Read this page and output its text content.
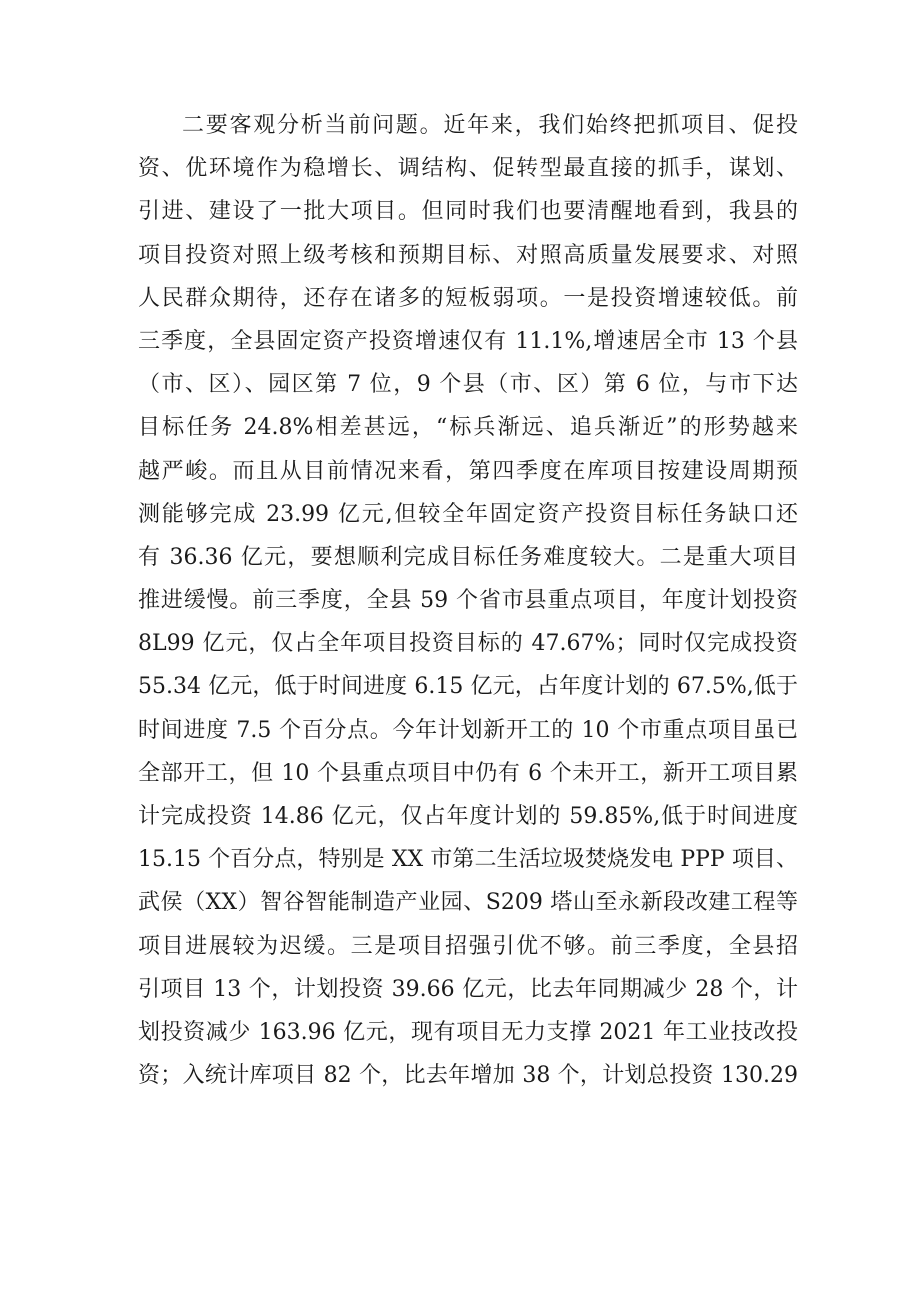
二要客观分析当前问题。近年来，我们始终把抓项目、促投
资、优环境作为稳增长、调结构、促转型最直接的抓手，谋划、
引进、建设了一批大项目。但同时我们也要清醒地看到，我县的
项目投资对照上级考核和预期目标、对照高质量发展要求、对照
人民群众期待，还存在诸多的短板弱项。一是投资增速较低。前
三季度，全县固定资产投资增速仅有 11.1%,增速居全市 13 个县
（市、区）、园区第 7 位，9 个县（市、区）第 6 位，与市下达
目标任务 24.8%相差甚远，“标兵渐远、追兵渐近”的形势越来
越严峻。而且从目前情况来看，第四季度在库项目按建设周期预
测能够完成 23.99 亿元,但较全年固定资产投资目标任务缺口还
有 36.36 亿元，要想顺利完成目标任务难度较大。二是重大项目
推进缓慢。前三季度，全县 59 个省市县重点项目，年度计划投资
8L99 亿元，仅占全年项目投资目标的 47.67%；同时仅完成投资
55.34 亿元，低于时间进度 6.15 亿元，占年度计划的 67.5%,低于
时间进度 7.5 个百分点。今年计划新开工的 10 个市重点项目虽已
全部开工，但 10 个县重点项目中仍有 6 个未开工，新开工项目累
计完成投资 14.86 亿元，仅占年度计划的 59.85%,低于时间进度
15.15 个百分点，特别是 XX 市第二生活垃圾焚烧发电 PPP 项目、
武侯（XX）智谷智能制造产业园、S209 塔山至永新段改建工程等
项目进展较为迟缓。三是项目招强引优不够。前三季度，全县招
引项目 13 个，计划投资 39.66 亿元，比去年同期减少 28 个，计
划投资减少 163.96 亿元，现有项目无力支撑 2021 年工业技改投
资；入统计库项目 82 个，比去年增加 38 个，计划总投资 130.29
